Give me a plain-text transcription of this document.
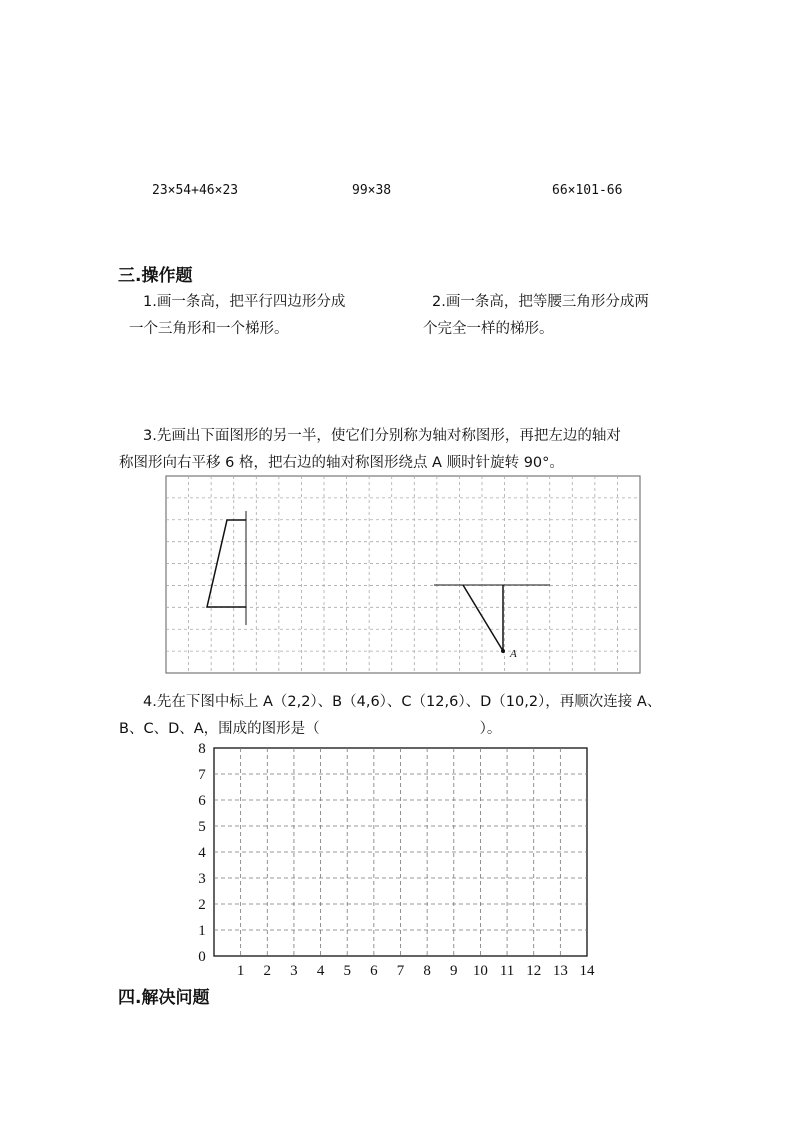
23×54+46×23	99×38	66×101-66
三.操作题
1.画一条高，把平行四边形分成
一个三角形和一个梯形。
2.画一条高，把等腰三角形分成两
个完全一样的梯形。
3.先画出下面图形的另一半，使它们分别称为轴对称图形，再把左边的轴对
称图形向右平移 6 格，把右边的轴对称图形绕点 A 顺时针旋转 90°。
A
4.先在下图中标上 A（2,2）、B（4,6）、C（12,6）、D（10,2），再顺次连接 A、
B、C、D、A，围成的图形是（	）。
0
1
2
3
4
5
6
7
8
1 2 3 4 5 6 7 8 9 10 11 12 13 14
四.解决问题
